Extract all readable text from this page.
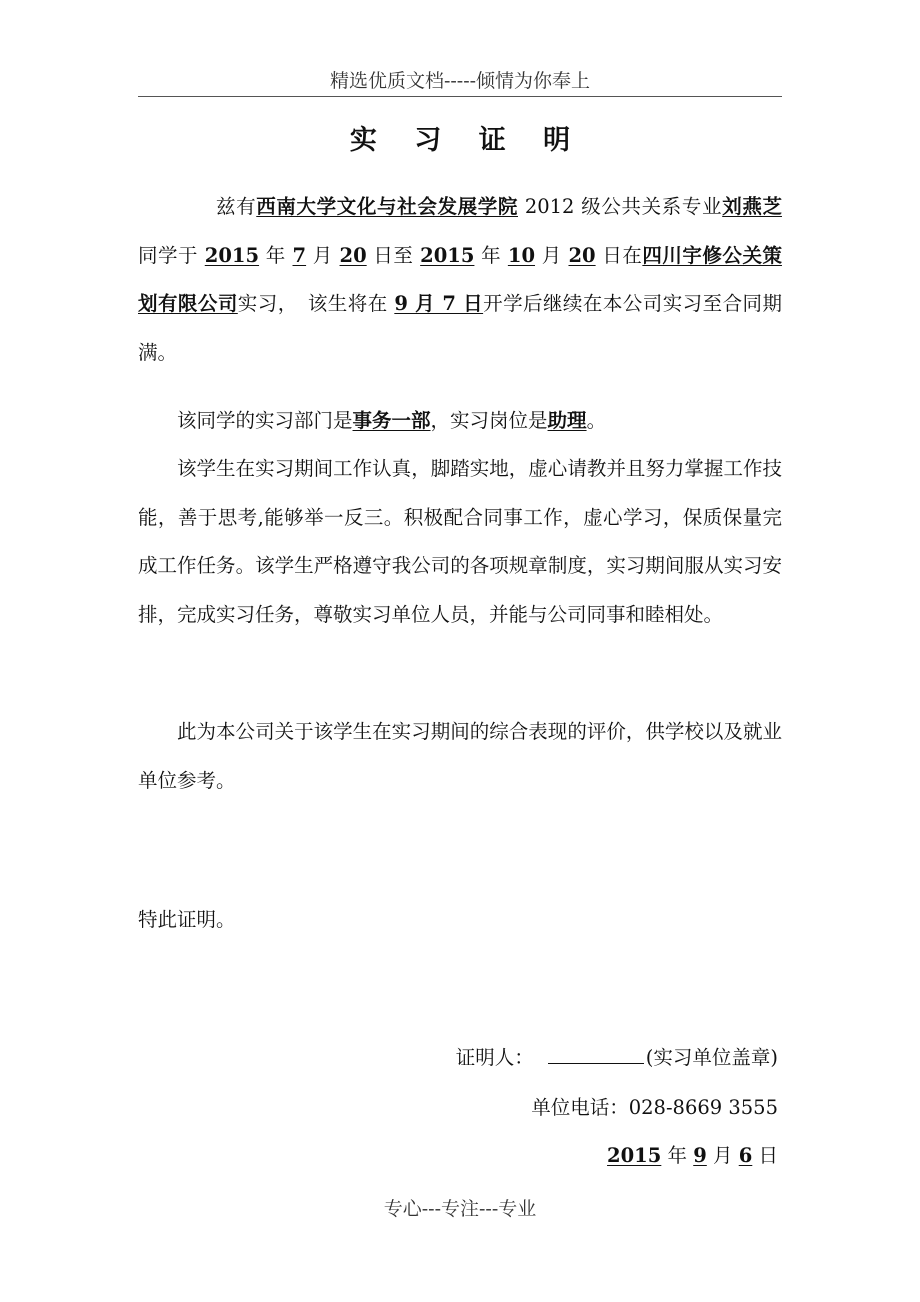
精选优质文档-----倾情为你奉上
实 习 证 明

兹有西南大学文化与社会发展学院 2012 级公共关系专业刘燕芝同学于 2015 年 7 月 20 日至 2015 年 10 月 20 日在四川宇修公关策划有限公司实习，　该生将在 9 月 7 日开学后继续在本公司实习至合同期满。

该同学的实习部门是事务一部，实习岗位是助理。

该学生在实习期间工作认真，脚踏实地，虚心请教并且努力掌握工作技能，善于思考,能够举一反三。积极配合同事工作，虚心学习，保质保量完成工作任务。该学生严格遵守我公司的各项规章制度，实习期间服从实习安排，完成实习任务，尊敬实习单位人员，并能与公司同事和睦相处。

此为本公司关于该学生在实习期间的综合表现的评价，供学校以及就业单位参考。

特此证明。

证明人：	(实习单位盖章)
单位电话：028-8669 3555
2015 年 9 月 6 日
专心---专注---专业
